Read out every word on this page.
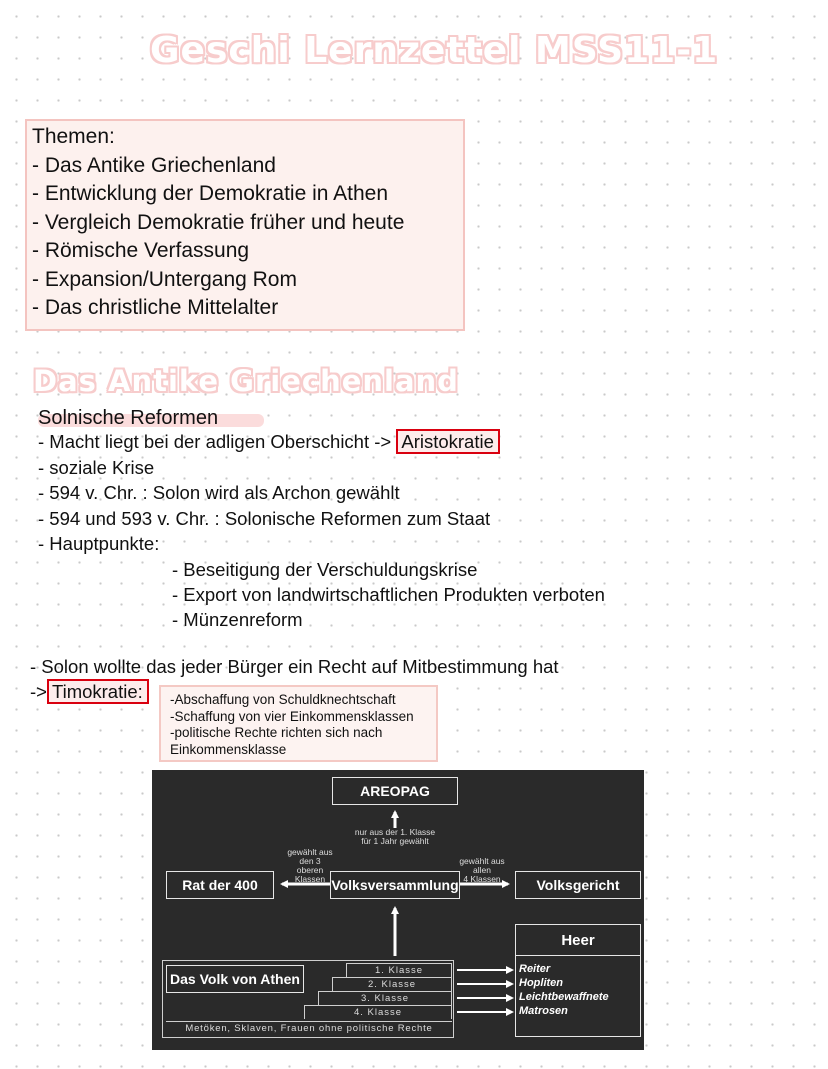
Geschi Lernzettel MSS11-1
Themen:
- Das Antike Griechenland
- Entwicklung der Demokratie in Athen
- Vergleich Demokratie früher und heute
- Römische Verfassung
- Expansion/Untergang Rom
- Das christliche Mittelalter
Das Antike Griechenland
Solnische Reformen
- Macht liegt bei der adligen Oberschicht -> Aristokratie
- soziale Krise
- 594 v. Chr. : Solon wird als Archon gewählt
- 594 und 593 v. Chr. : Solonische Reformen zum Staat
- Hauptpunkte:
- Beseitigung der Verschuldungskrise
- Export von landwirtschaftlichen Produkten verboten
- Münzenreform
- Solon wollte das jeder Bürger ein Recht auf Mitbestimmung hat
-> Timokratie:	-Abschaffung von Schuldknechtschaft
-Schaffung von vier Einkommensklassen
-politische Rechte richten sich nach
Einkommensklasse
AREOPAG
nur aus der 1. Klasse
für 1 Jahr gewählt
gewählt aus
den 3
oberen
Klassen
gewählt aus
allen
4 Klassen
Rat der 400	Volksversammlung	Volksgericht
Heer
Reiter
Hopliten
Leichtbewaffnete
Matrosen
Das Volk von Athen
1. Klasse
2. Klasse
3. Klasse
4. Klasse
Metöken, Sklaven, Frauen ohne politische Rechte
